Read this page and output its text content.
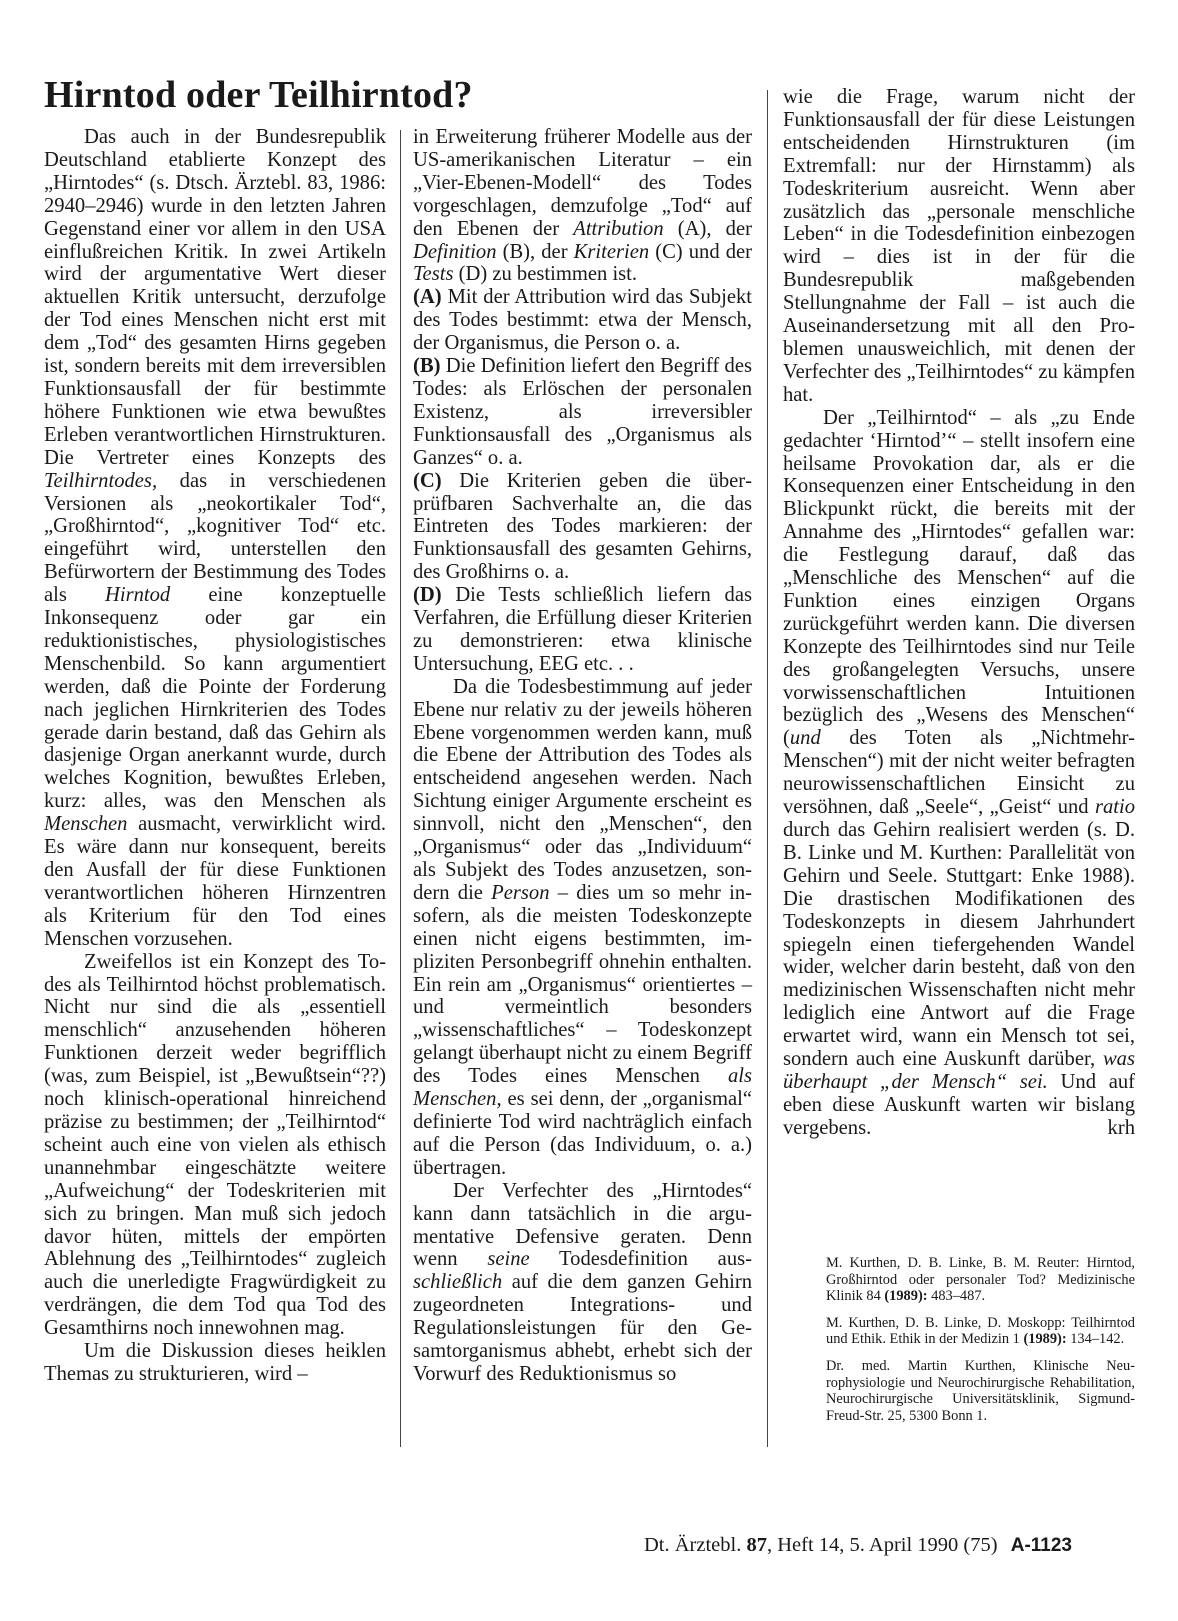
Hirntod oder Teilhirntod?

Das auch in der Bundesrepublik Deutschland etablierte Konzept des „Hirntodes“ (s. Dtsch. Ärztebl. 83, 1986: 2940–2946) wurde in den letzten Jahren Gegenstand einer vor allem in den USA einflußreichen Kritik. In zwei Artikeln wird der argumentative Wert dieser aktuellen Kritik untersucht, derzufolge der Tod eines Menschen nicht erst mit dem „Tod“ des gesamten Hirns gegeben ist, sondern bereits mit dem irreversiblen Funktionsausfall der für bestimmte höhere Funktionen wie etwa bewußtes Erleben verantwortlichen Hirnstrukturen. Die Vertreter eines Konzepts des Teilhirntodes, das in verschiedenen Versionen als „neokortikaler Tod“, „Großhirntod“, „kognitiver Tod“ etc. eingeführt wird, unterstellen den Befürwortern der Bestimmung des Todes als Hirntod eine konzeptuelle Inkonsequenz oder gar ein reduktionistisches, physiologistisches Menschenbild. So kann argumentiert werden, daß die Pointe der Forderung nach jeglichen Hirnkriterien des Todes gerade darin bestand, daß das Gehirn als dasjenige Organ anerkannt wurde, durch welches Kognition, bewußtes Erleben, kurz: alles, was den Menschen als Menschen ausmacht, verwirklicht wird. Es wäre dann nur konsequent, bereits den Ausfall der für diese Funktionen verantwortlichen höheren Hirnzentren als Kriterium für den Tod eines Menschen vorzusehen.

Zweifellos ist ein Konzept des Todes als Teilhirntod höchst problematisch. Nicht nur sind die als „essentiell menschlich“ anzusehenden höheren Funktionen derzeit weder begrifflich (was, zum Beispiel, ist „Bewußtsein“??) noch klinisch-operational hinreichend präzise zu bestimmen; der „Teilhirntod“ scheint auch eine von vielen als ethisch unannehmbar eingeschätzte weitere „Aufweichung“ der Todeskriterien mit sich zu bringen. Man muß sich jedoch davor hüten, mittels der empörten Ablehnung des „Teilhirntodes“ zugleich auch die unerledigte Fragwürdigkeit zu verdrängen, die dem Tod qua Tod des Gesamthirns noch innewohnen mag.

Um die Diskussion dieses heiklen Themas zu strukturieren, wird –

in Erweiterung früherer Modelle aus der US-amerikanischen Literatur – ein „Vier-Ebenen-Modell“ des Todes vorgeschlagen, demzufolge „Tod“ auf den Ebenen der Attribution (A), der Definition (B), der Kriterien (C) und der Tests (D) zu bestimmen ist.

(A) Mit der Attribution wird das Subjekt des Todes bestimmt: etwa der Mensch, der Organismus, die Person o. a.

(B) Die Definition liefert den Begriff des Todes: als Erlöschen der personalen Existenz, als irreversibler Funktionsausfall des „Organismus als Ganzes“ o. a.

(C) Die Kriterien geben die überprüfbaren Sachverhalte an, die das Eintreten des Todes markieren: der Funktionsausfall des gesamten Gehirns, des Großhirns o. a.

(D) Die Tests schließlich liefern das Verfahren, die Erfüllung dieser Kriterien zu demonstrieren: etwa klinische Untersuchung, EEG etc. . .

Da die Todesbestimmung auf jeder Ebene nur relativ zu der jeweils höheren Ebene vorgenommen werden kann, muß die Ebene der Attribution des Todes als entscheidend angesehen werden. Nach Sichtung einiger Argumente erscheint es sinnvoll, nicht den „Menschen“, den „Organismus“ oder das „Individuum“ als Subjekt des Todes anzusetzen, sondern die Person – dies um so mehr insofern, als die meisten Todeskonzepte einen nicht eigens bestimmten, impliziten Personbegriff ohnehin enthalten. Ein rein am „Organismus“ orientiertes – und vermeintlich besonders „wissenschaftliches“ – Todeskonzept gelangt überhaupt nicht zu einem Begriff des Todes eines Menschen als Menschen, es sei denn, der „organismal“ definierte Tod wird nachträglich einfach auf die Person (das Individuum, o. a.) übertragen.

Der Verfechter des „Hirntodes“ kann dann tatsächlich in die argumentative Defensive geraten. Denn wenn seine Todesdefinition ausschließlich auf die dem ganzen Gehirn zugeordneten Integrations- und Regulationsleistungen für den Gesamtorganismus abhebt, erhebt sich der Vorwurf des Reduktionismus so

wie die Frage, warum nicht der Funktionsausfall der für diese Leistungen entscheidenden Hirnstrukturen (im Extremfall: nur der Hirnstamm) als Todeskriterium ausreicht. Wenn aber zusätzlich das „personale menschliche Leben“ in die Todesdefinition einbezogen wird – dies ist in der für die Bundesrepublik maßgebenden Stellungnahme der Fall – ist auch die Auseinandersetzung mit all den Problemen unausweichlich, mit denen der Verfechter des „Teilhirntodes“ zu kämpfen hat.

Der „Teilhirntod“ – als „zu Ende gedachter ‘Hirntod’“ – stellt insofern eine heilsame Provokation dar, als er die Konsequenzen einer Entscheidung in den Blickpunkt rückt, die bereits mit der Annahme des „Hirntodes“ gefallen war: die Festlegung darauf, daß das „Menschliche des Menschen“ auf die Funktion eines einzigen Organs zurückgeführt werden kann. Die diversen Konzepte des Teilhirntodes sind nur Teile des großangelegten Versuchs, unsere vorwissenschaftlichen Intuitionen bezüglich des „Wesens des Menschen“ (und des Toten als „Nichtmehr-Menschen“) mit der nicht weiter befragten neurowissenschaftlichen Einsicht zu versöhnen, daß „Seele“, „Geist“ und ratio durch das Gehirn realisiert werden (s. D. B. Linke und M. Kurthen: Parallelität von Gehirn und Seele. Stuttgart: Enke 1988). Die drastischen Modifikationen des Todeskonzepts in diesem Jahrhundert spiegeln einen tiefergehenden Wandel wider, welcher darin besteht, daß von den medizinischen Wissenschaften nicht mehr lediglich eine Antwort auf die Frage erwartet wird, wann ein Mensch tot sei, sondern auch eine Auskunft darüber, was überhaupt „der Mensch“ sei. Und auf eben diese Auskunft warten wir bislang vergebens.	krh

M. Kurthen, D. B. Linke, B. M. Reuter: Hirntod, Großhirntod oder personaler Tod? Medizinische Klinik 84 (1989): 483–487.

M. Kurthen, D. B. Linke, D. Moskopp: Teilhirntod und Ethik. Ethik in der Medizin 1 (1989): 134–142.

Dr. med. Martin Kurthen, Klinische Neurophysiologie und Neurochirurgische Rehabilitation, Neurochirurgische Universitätsklinik, Sigmund-Freud-Str. 25, 5300 Bonn 1.

Dt. Ärztebl. 87, Heft 14, 5. April 1990 (75) A-1123
